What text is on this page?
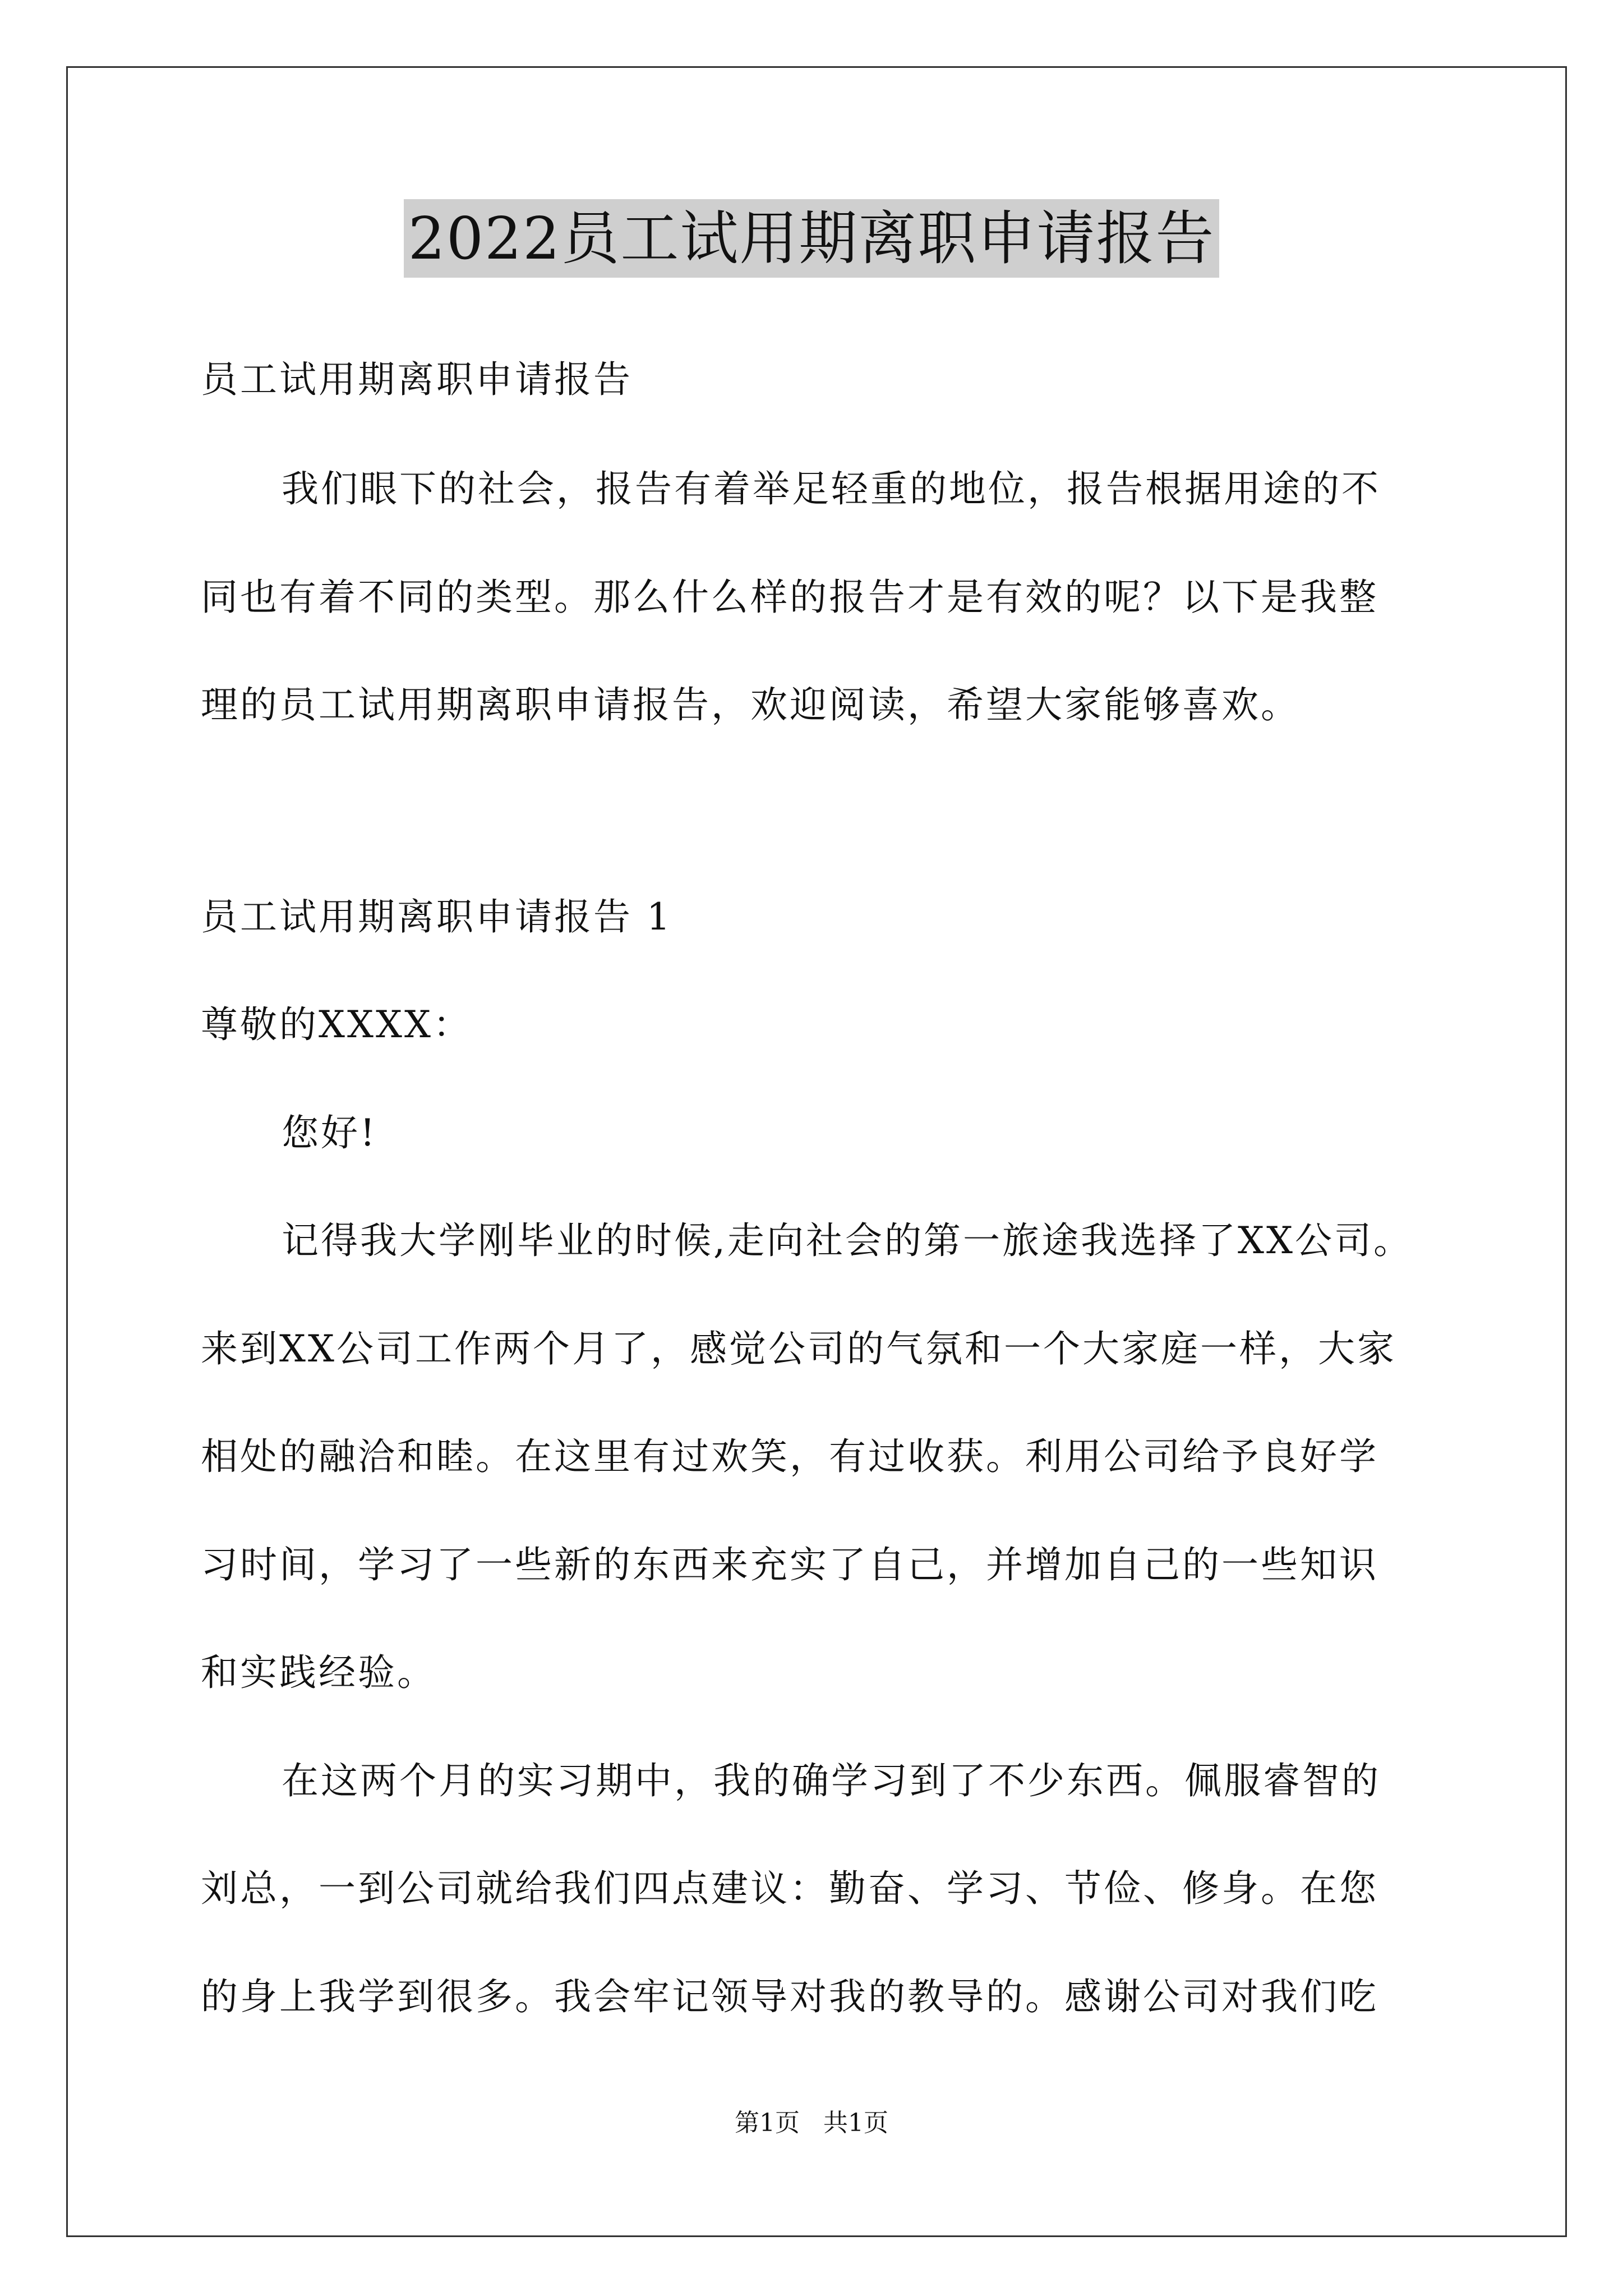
2022员工试用期离职申请报告
员工试用期离职申请报告
我们眼下的社会，报告有着举足轻重的地位，报告根据用途的不
同也有着不同的类型。那么什么样的报告才是有效的呢？以下是我整
理的员工试用期离职申请报告，欢迎阅读，希望大家能够喜欢。
员工试用期离职申请报告 1
尊敬的XXXX：
您好!
记得我大学刚毕业的时候,走向社会的第一旅途我选择了XX公司。
来到XX公司工作两个月了，感觉公司的气氛和一个大家庭一样，大家
相处的融洽和睦。在这里有过欢笑，有过收获。利用公司给予良好学
习时间，学习了一些新的东西来充实了自己，并增加自己的一些知识
和实践经验。
在这两个月的实习期中，我的确学习到了不少东西。佩服睿智的
刘总，一到公司就给我们四点建议：勤奋、学习、节俭、修身。在您
的身上我学到很多。我会牢记领导对我的教导的。感谢公司对我们吃
第1页   共1页
